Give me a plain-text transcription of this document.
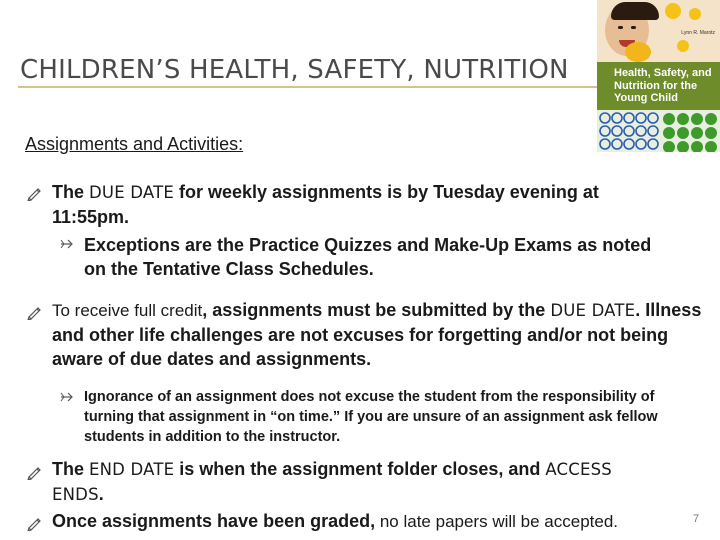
CHILDREN’S HEALTH, SAFETY, NUTRITION
Lynn R. Marotz
Health, Safety, and Nutrition for the Young Child
Assignments and Activities:
The DUE DATE for weekly assignments is by Tuesday evening at 11:55pm.
Exceptions are the Practice Quizzes and Make-Up Exams as noted on the Tentative Class Schedules.
To receive full credit, assignments must be submitted by the DUE DATE. Illness and other life challenges are not excuses for forgetting and/or not being aware of due dates and assignments.
Ignorance of an assignment does not excuse the student from the responsibility of turning that assignment in “on time.” If you are unsure of an assignment ask fellow students in addition to the instructor.
The END DATE is when the assignment folder closes, and ACCESS
ENDS.
Once assignments have been graded, no late papers will be accepted.	7
